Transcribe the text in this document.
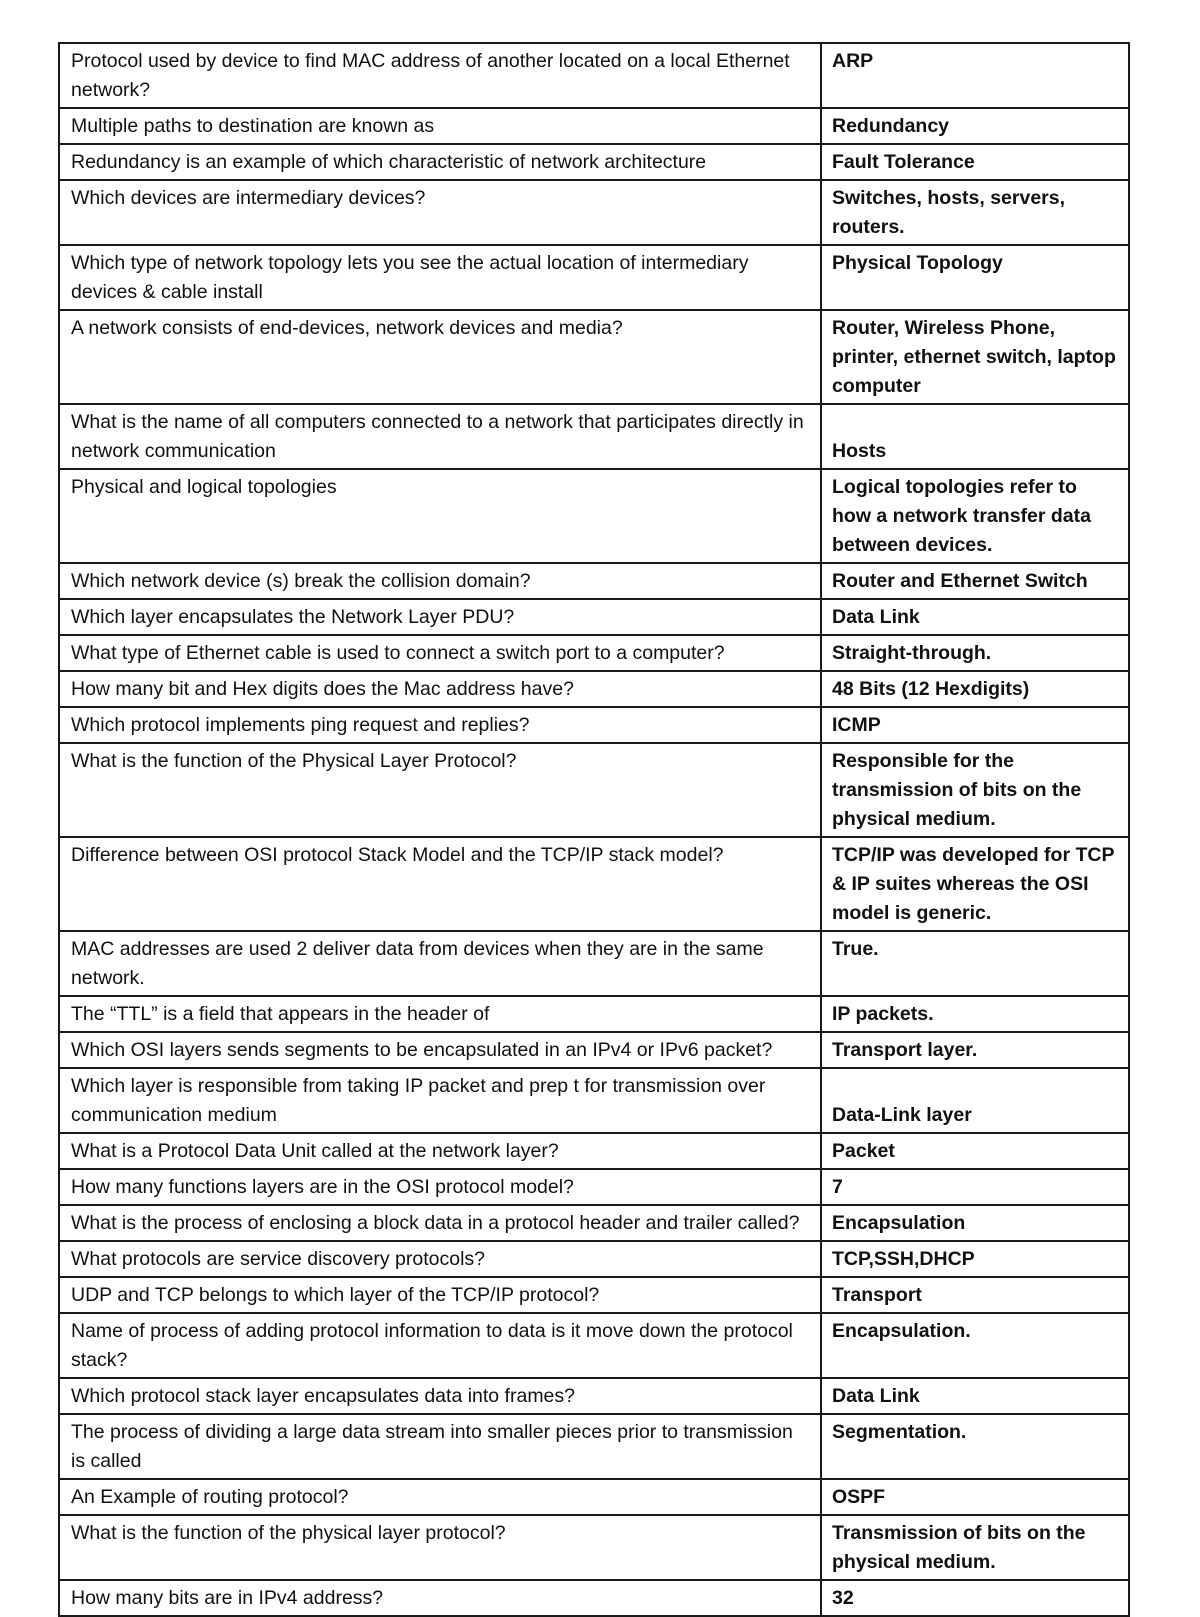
Protocol used by device to find MAC address of another located on a local Ethernet network?	ARP
Multiple paths to destination are known as	Redundancy
Redundancy is an example of which characteristic of network architecture	Fault Tolerance
Which devices are intermediary devices?	Switches, hosts, servers, routers.
Which type of network topology lets you see the actual location of intermediary devices & cable install	Physical Topology
A network consists of end-devices, network devices and media?	Router, Wireless Phone, printer, ethernet switch, laptop computer
What is the name of all computers connected to a network that participates directly in network communication	Hosts
Physical and logical topologies	Logical topologies refer to how a network transfer data between devices.
Which network device (s) break the collision domain?	Router and Ethernet Switch
Which layer encapsulates the Network Layer PDU?	Data Link
What type of Ethernet cable is used to connect a switch port to a computer?	Straight-through.
How many bit and Hex digits does the Mac address have?	48 Bits (12 Hexdigits)
Which protocol implements ping request and replies?	ICMP
What is the function of the Physical Layer Protocol?	Responsible for the transmission of bits on the physical medium.
Difference between OSI protocol Stack Model and the TCP/IP stack model?	TCP/IP was developed for TCP & IP suites whereas the OSI model is generic.
MAC addresses are used 2 deliver data from devices when they are in the same network.	True.
The “TTL” is a field that appears in the header of	IP packets.
Which OSI layers sends segments to be encapsulated in an IPv4 or IPv6 packet?	Transport layer.
Which layer is responsible from taking IP packet and prep t for transmission over communication medium	Data-Link layer
What is a Protocol Data Unit called at the network layer?	Packet
How many functions layers are in the OSI protocol model?	7
What is the process of enclosing a block data in a protocol header and trailer called?	Encapsulation
What protocols are service discovery protocols?	TCP,SSH,DHCP
UDP and TCP belongs to which layer of the TCP/IP protocol?	Transport
Name of process of adding protocol information to data is it move down the protocol stack?	Encapsulation.
Which protocol stack layer encapsulates data into frames?	Data Link
The process of dividing a large data stream into smaller pieces prior to transmission is called	Segmentation.
An Example of routing protocol?	OSPF
What is the function of the physical layer protocol?	Transmission of bits on the physical medium.
How many bits are in IPv4 address?	32
